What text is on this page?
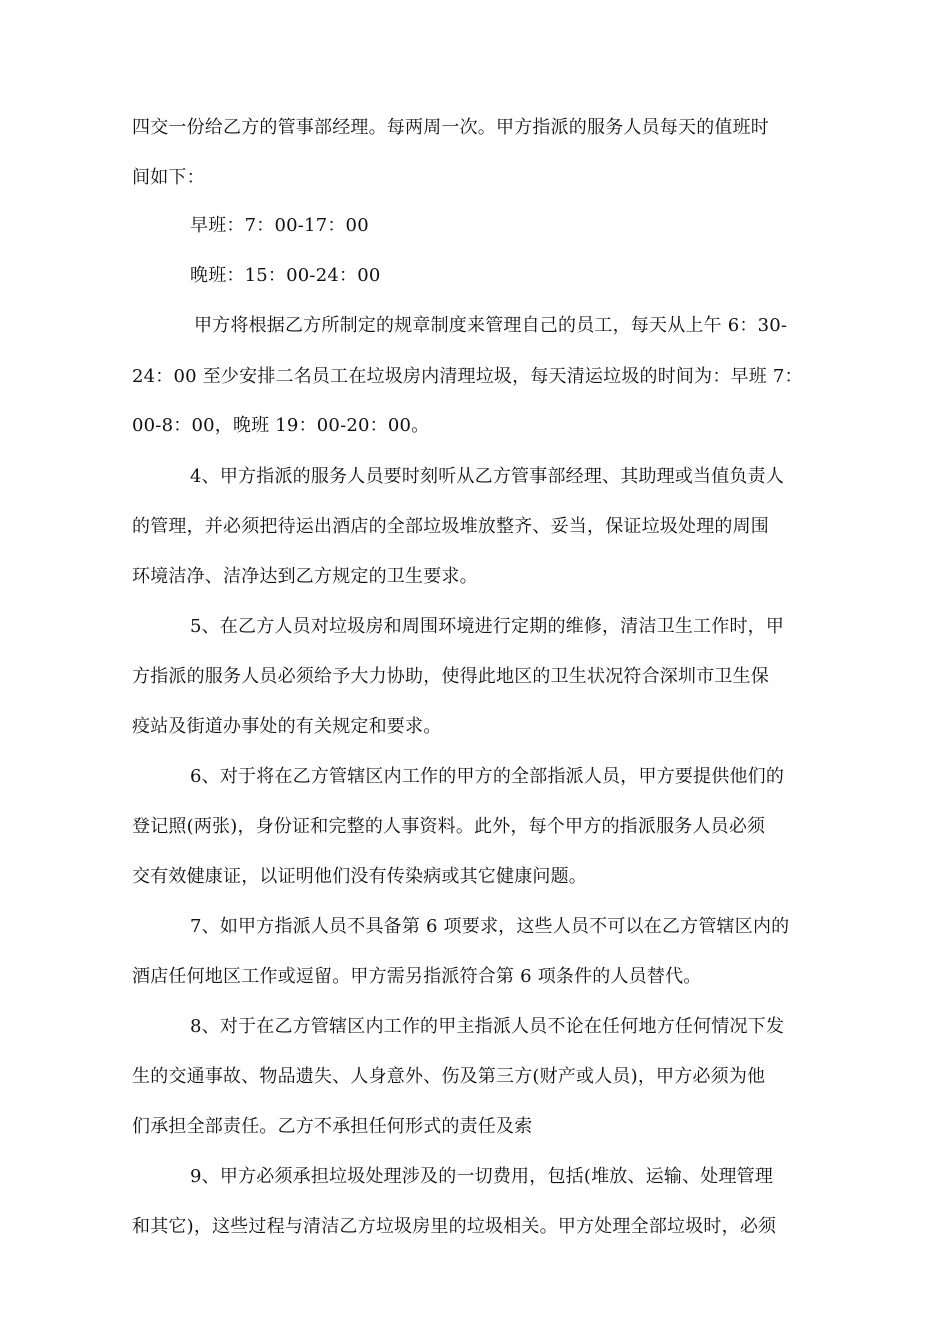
四交一份给乙方的管事部经理。每两周一次。甲方指派的服务人员每天的值班时
间如下：
早班：7：00-17：00
晚班：15：00-24：00
甲方将根据乙方所制定的规章制度来管理自己的员工，每天从上午 6：30-
24：00 至少安排二名员工在垃圾房内清理垃圾，每天清运垃圾的时间为：早班 7：
00-8：00，晚班 19：00-20：00。
4、甲方指派的服务人员要时刻听从乙方管事部经理、其助理或当值负责人
的管理，并必须把待运出酒店的全部垃圾堆放整齐、妥当，保证垃圾处理的周围
环境洁净、洁净达到乙方规定的卫生要求。
5、在乙方人员对垃圾房和周围环境进行定期的维修，清洁卫生工作时，甲
方指派的服务人员必须给予大力协助，使得此地区的卫生状况符合深圳市卫生保
疫站及街道办事处的有关规定和要求。
6、对于将在乙方管辖区内工作的甲方的全部指派人员，甲方要提供他们的
登记照(两张)，身份证和完整的人事资料。此外，每个甲方的指派服务人员必须
交有效健康证，以证明他们没有传染病或其它健康问题。
7、如甲方指派人员不具备第 6 项要求，这些人员不可以在乙方管辖区内的
酒店任何地区工作或逗留。甲方需另指派符合第 6 项条件的人员替代。
8、对于在乙方管辖区内工作的甲主指派人员不论在任何地方任何情况下发
生的交通事故、物品遗失、人身意外、伤及第三方(财产或人员)，甲方必须为他
们承担全部责任。乙方不承担任何形式的责任及索
9、甲方必须承担垃圾处理涉及的一切费用，包括(堆放、运输、处理管理
和其它)，这些过程与清洁乙方垃圾房里的垃圾相关。甲方处理全部垃圾时，必须
